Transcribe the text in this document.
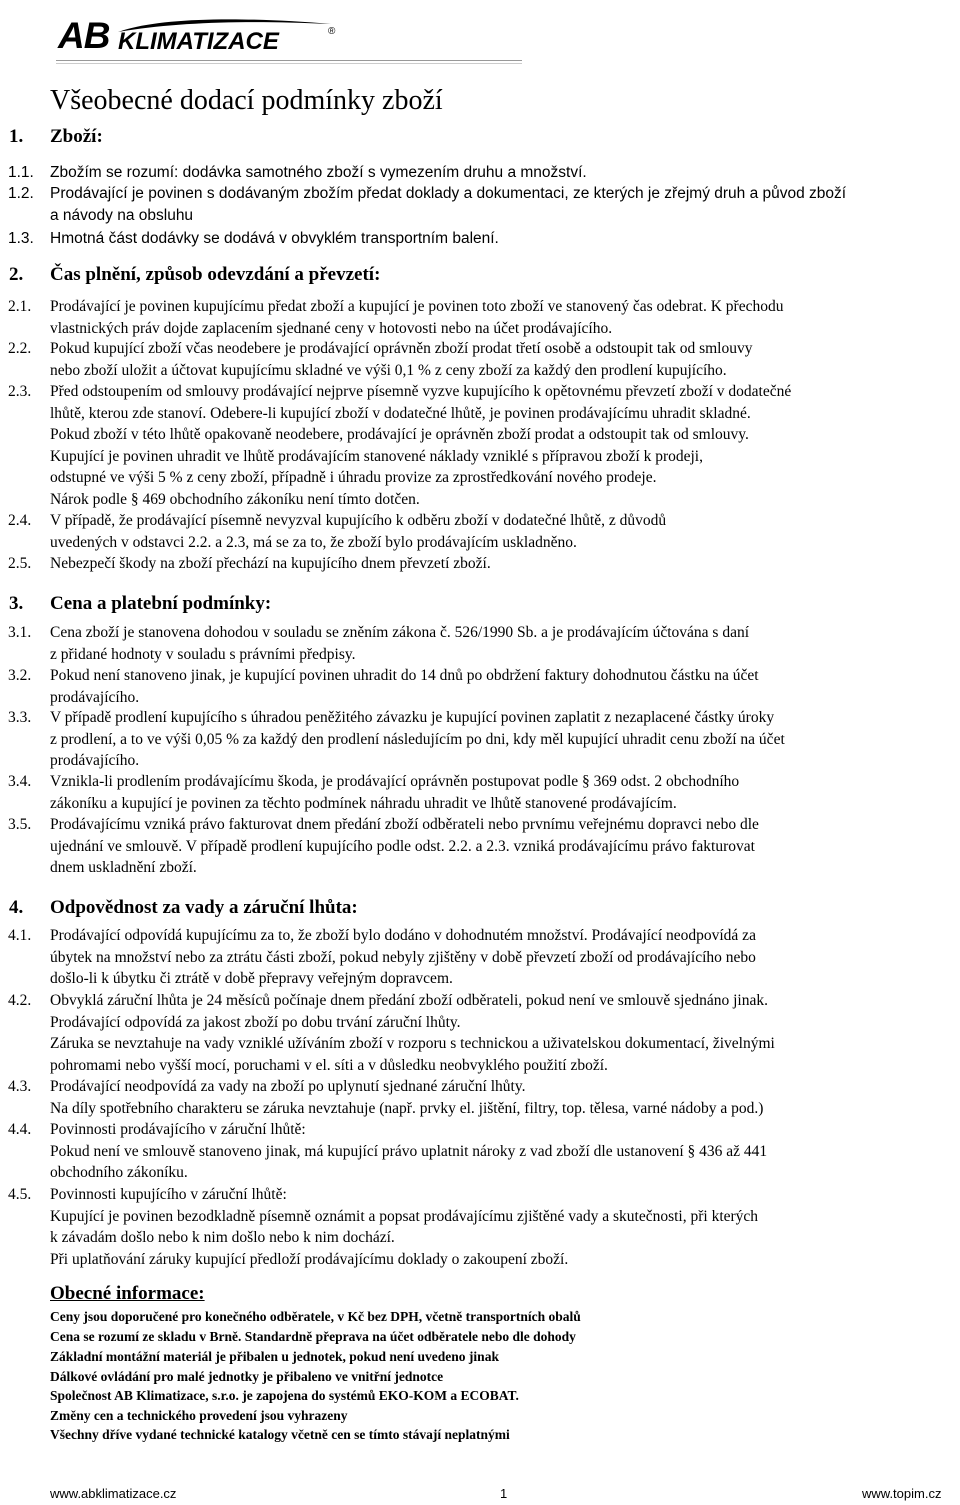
AB KLIMATIZACE	®
Všeobecné dodací podmínky zboží
1. Zboží:
1.1. Zbožím se rozumí: dodávka samotného zboží s vymezením druhu a množství.
1.2. Prodávající je povinen s dodávaným zbožím předat doklady a dokumentaci, ze kterých je zřejmý druh a původ zboží
a návody na obsluhu
1.3. Hmotná část dodávky se dodává v obvyklém transportním balení.
2. Čas plnění, způsob odevzdání a převzetí:
2.1. Prodávající je povinen kupujícímu předat zboží a kupující je povinen toto zboží ve stanovený čas odebrat. K přechodu
vlastnických práv dojde zaplacením sjednané ceny v hotovosti nebo na účet prodávajícího.
2.2. Pokud kupující zboží včas neodebere je prodávající oprávněn zboží prodat třetí osobě a odstoupit tak od smlouvy
nebo zboží uložit a účtovat kupujícímu skladné ve výši 0,1 % z ceny zboží za každý den prodlení kupujícího.
2.3. Před odstoupením od smlouvy prodávající nejprve písemně vyzve kupujícího k opětovnému převzetí zboží v dodatečné
lhůtě, kterou zde stanoví. Odebere-li kupující zboží v dodatečné lhůtě, je povinen prodávajícímu uhradit skladné.
Pokud zboží v této lhůtě opakovaně neodebere, prodávající je oprávněn zboží prodat a odstoupit tak od smlouvy.
Kupující je povinen uhradit ve lhůtě prodávajícím stanovené náklady vzniklé s přípravou zboží k prodeji,
odstupné ve výši 5 % z ceny zboží, případně i úhradu provize za zprostředkování nového prodeje.
Nárok podle § 469 obchodního zákoníku není tímto dotčen.
2.4. V případě, že prodávající písemně nevyzval kupujícího k odběru zboží v dodatečné lhůtě, z důvodů
uvedených v odstavci 2.2. a 2.3, má se za to, že zboží bylo prodávajícím uskladněno.
2.5. Nebezpečí škody na zboží přechází na kupujícího dnem převzetí zboží.
3. Cena a platební podmínky:
3.1. Cena zboží je stanovena dohodou v souladu se zněním zákona č. 526/1990 Sb. a je prodávajícím účtována s daní
z přidané hodnoty v souladu s právními předpisy.
3.2. Pokud není stanoveno jinak, je kupující povinen uhradit do 14 dnů po obdržení faktury dohodnutou částku na účet
prodávajícího.
3.3. V případě prodlení kupujícího s úhradou peněžitého závazku je kupující povinen zaplatit z nezaplacené částky úroky
z prodlení, a to ve výši 0,05 % za každý den prodlení následujícím po dni, kdy měl kupující uhradit cenu zboží na účet
prodávajícího.
3.4. Vznikla-li prodlením prodávajícímu škoda, je prodávající oprávněn postupovat podle § 369 odst. 2 obchodního
zákoníku a kupující je povinen za těchto podmínek náhradu uhradit ve lhůtě stanovené prodávajícím.
3.5. Prodávajícímu vzniká právo fakturovat dnem předání zboží odběrateli nebo prvnímu veřejnému dopravci nebo dle
ujednání ve smlouvě. V případě prodlení kupujícího podle odst. 2.2. a 2.3. vzniká prodávajícímu právo fakturovat
dnem uskladnění zboží.
4. Odpovědnost za vady a záruční lhůta:
4.1. Prodávající odpovídá kupujícímu za to, že zboží bylo dodáno v dohodnutém množství. Prodávající neodpovídá za
úbytek na množství nebo za ztrátu části zboží, pokud nebyly zjištěny v době převzetí zboží od prodávajícího nebo
došlo-li k úbytku či ztrátě v době přepravy veřejným dopravcem.
4.2. Obvyklá záruční lhůta je 24 měsíců počínaje dnem předání zboží odběrateli, pokud není ve smlouvě sjednáno jinak.
Prodávající odpovídá za jakost zboží po dobu trvání záruční lhůty.
Záruka se nevztahuje na vady vzniklé užíváním zboží v rozporu s technickou a uživatelskou dokumentací, živelnými
pohromami nebo vyšší mocí, poruchami v el. síti a v důsledku neobvyklého použití zboží.
4.3. Prodávající neodpovídá za vady na zboží po uplynutí sjednané záruční lhůty.
Na díly spotřebního charakteru se záruka nevztahuje (např. prvky el. jištění, filtry, top. tělesa, varné nádoby a pod.)
4.4. Povinnosti prodávajícího v záruční lhůtě:
Pokud není ve smlouvě stanoveno jinak, má kupující právo uplatnit nároky z vad zboží dle ustanovení § 436 až 441
obchodního zákoníku.
4.5. Povinnosti kupujícího v záruční lhůtě:
Kupující je povinen bezodkladně písemně oznámit a popsat prodávajícímu zjištěné vady a skutečnosti, při kterých
k závadám došlo nebo k nim došlo nebo k nim dochází.
Při uplatňování záruky kupující předloží prodávajícímu doklady o zakoupení zboží.
Obecné informace:
Ceny jsou doporučené pro konečného odběratele, v Kč bez DPH, včetně transportních obalů
Cena se rozumí ze skladu v Brně. Standardně přeprava na účet odběratele nebo dle dohody
Základní montážní materiál je přibalen u jednotek, pokud není uvedeno jinak
Dálkové ovládání pro malé jednotky je přibaleno ve vnitřní jednotce
Společnost AB Klimatizace, s.r.o. je zapojena do systémů EKO-KOM a ECOBAT.
Změny cen a technického provedení jsou vyhrazeny
Všechny dříve vydané technické katalogy včetně cen se tímto stávají neplatnými
www.abklimatizace.cz	1	www.topim.cz
